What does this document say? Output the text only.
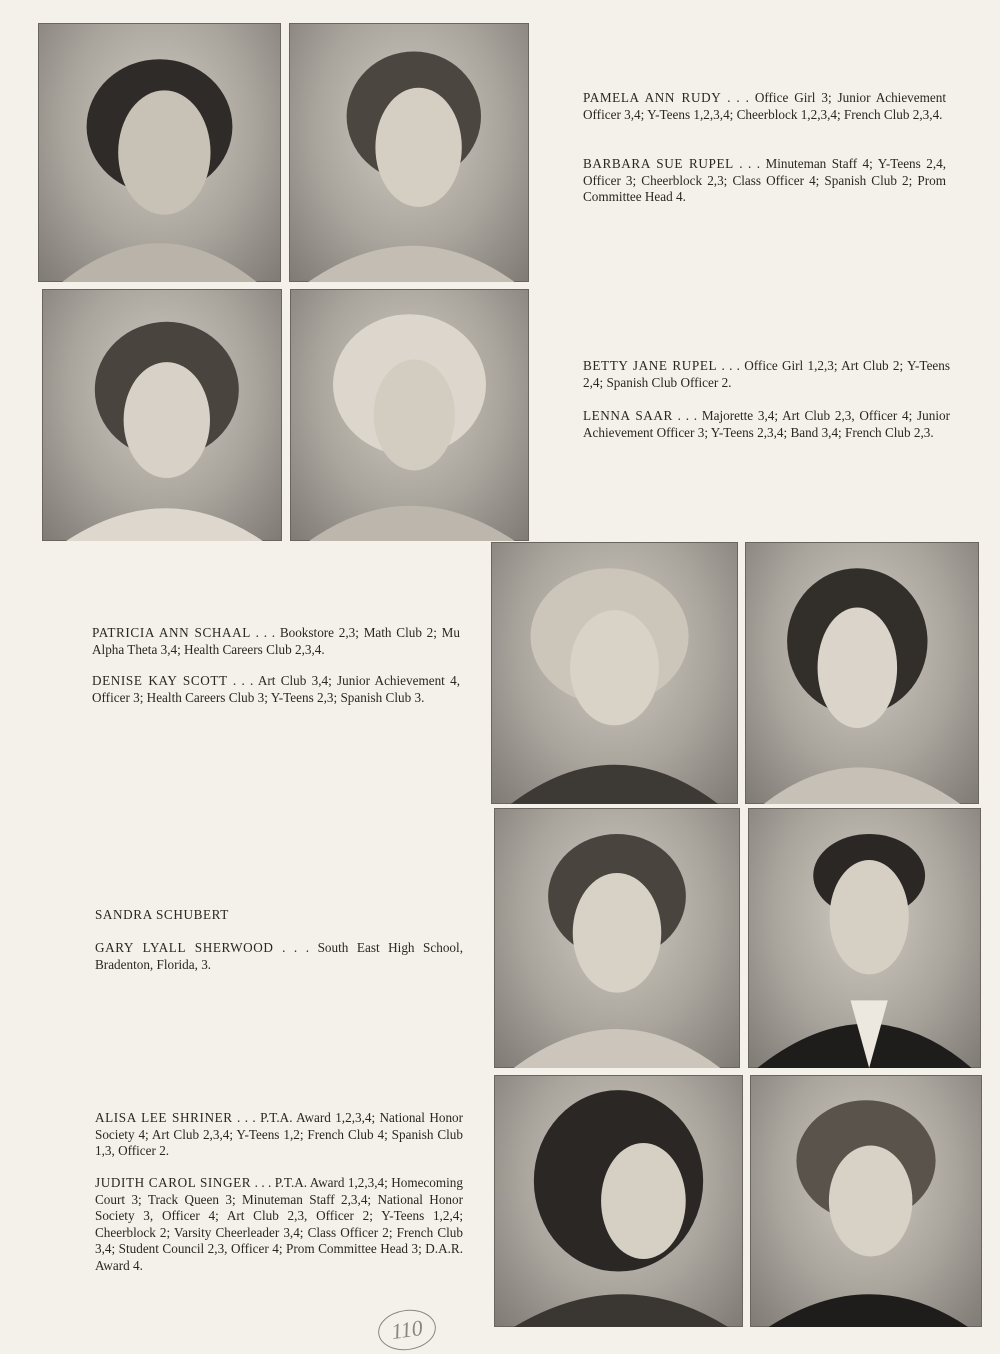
PAMELA ANN RUDY . . . Office Girl 3; Junior Achievement Officer 3,4; Y-Teens 1,2,3,4; Cheerblock 1,2,3,4; French Club 2,3,4.

BARBARA SUE RUPEL . . . Minuteman Staff 4; Y-Teens 2,4, Officer 3; Cheerblock 2,3; Class Officer 4; Spanish Club 2; Prom Committee Head 4.

BETTY JANE RUPEL . . . Office Girl 1,2,3; Art Club 2; Y-Teens 2,4; Spanish Club Officer 2.

LENNA SAAR . . . Majorette 3,4; Art Club 2,3, Officer 4; Junior Achievement Officer 3; Y-Teens 2,3,4; Band 3,4; French Club 2,3.

PATRICIA ANN SCHAAL . . . Bookstore 2,3; Math Club 2; Mu Alpha Theta 3,4; Health Careers Club 2,3,4.

DENISE KAY SCOTT . . . Art Club 3,4; Junior Achievement 4, Officer 3; Health Careers Club 3; Y-Teens 2,3; Spanish Club 3.

SANDRA SCHUBERT

GARY LYALL SHERWOOD . . . South East High School, Bradenton, Florida, 3.

ALISA LEE SHRINER . . . P.T.A. Award 1,2,3,4; National Honor Society 4; Art Club 2,3,4; Y-Teens 1,2; French Club 4; Spanish Club 1,3, Officer 2.

JUDITH CAROL SINGER . . . P.T.A. Award 1,2,3,4; Homecoming Court 3; Track Queen 3; Minuteman Staff 2,3,4; National Honor Society 3, Officer 4; Art Club 2,3, Officer 2; Y-Teens 1,2,4; Cheerblock 2; Varsity Cheerleader 3,4; Class Officer 2; French Club 3,4; Student Council 2,3, Officer 4; Prom Committee Head 3; D.A.R. Award 4.

110
